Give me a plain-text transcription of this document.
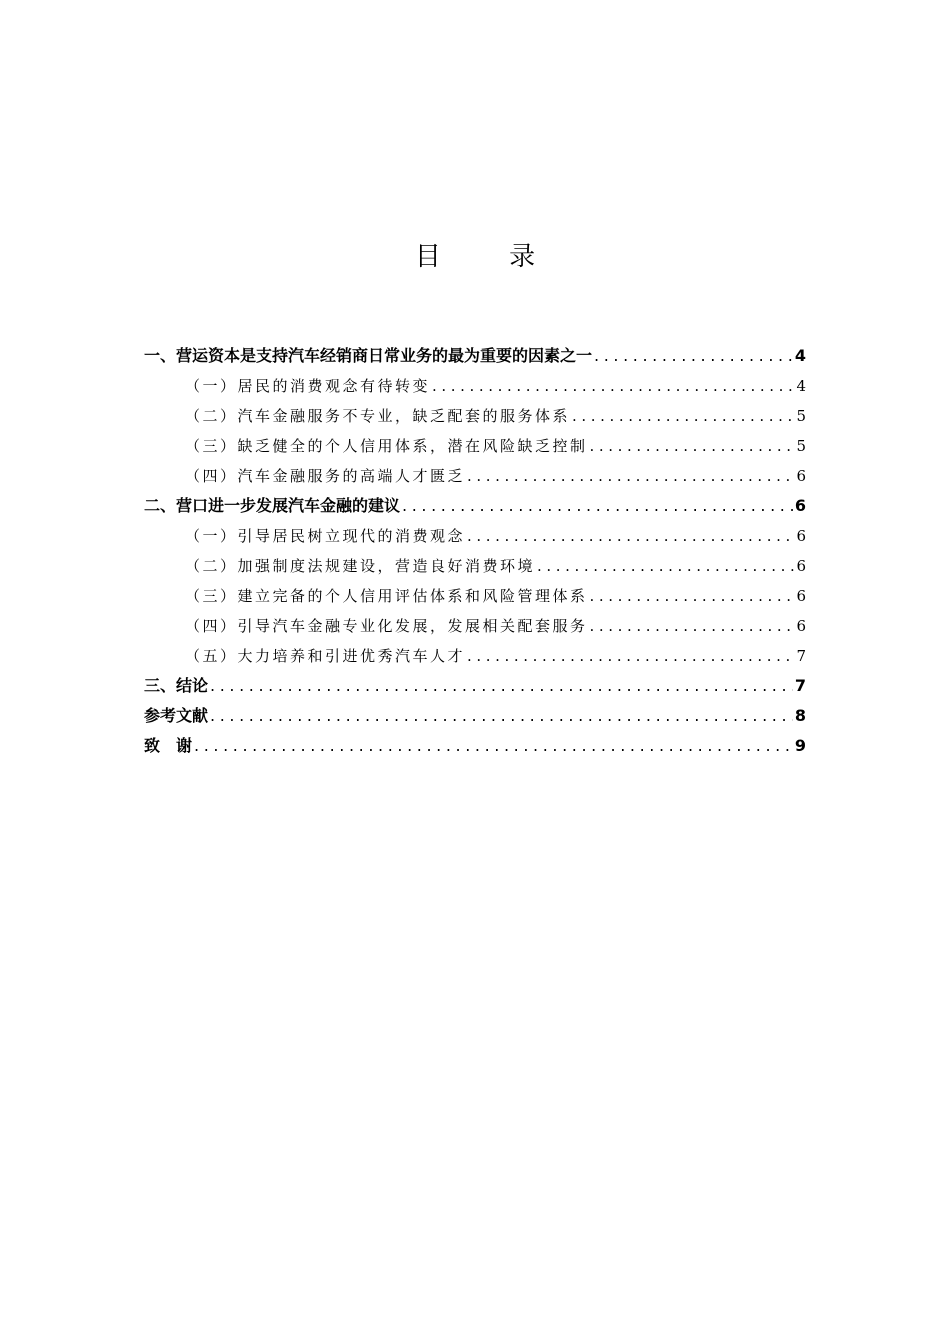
目 录
一、营运资本是支持汽车经销商日常业务的最为重要的因素之一 .....	4
（一）居民的消费观念有待转变 .....	4
（二）汽车金融服务不专业，缺乏配套的服务体系 .....	5
（三）缺乏健全的个人信用体系，潜在风险缺乏控制 .....	5
（四）汽车金融服务的高端人才匮乏 .....	6
二、营口进一步发展汽车金融的建议 .....	6
（一）引导居民树立现代的消费观念 .....	6
（二）加强制度法规建设，营造良好消费环境 .....	6
（三）建立完备的个人信用评估体系和风险管理体系 .....	6
（四）引导汽车金融专业化发展，发展相关配套服务 .....	6
（五）大力培养和引进优秀汽车人才 .....	7
三、结论 .....	7
参考文献 .....	8
致　谢 .....	9
